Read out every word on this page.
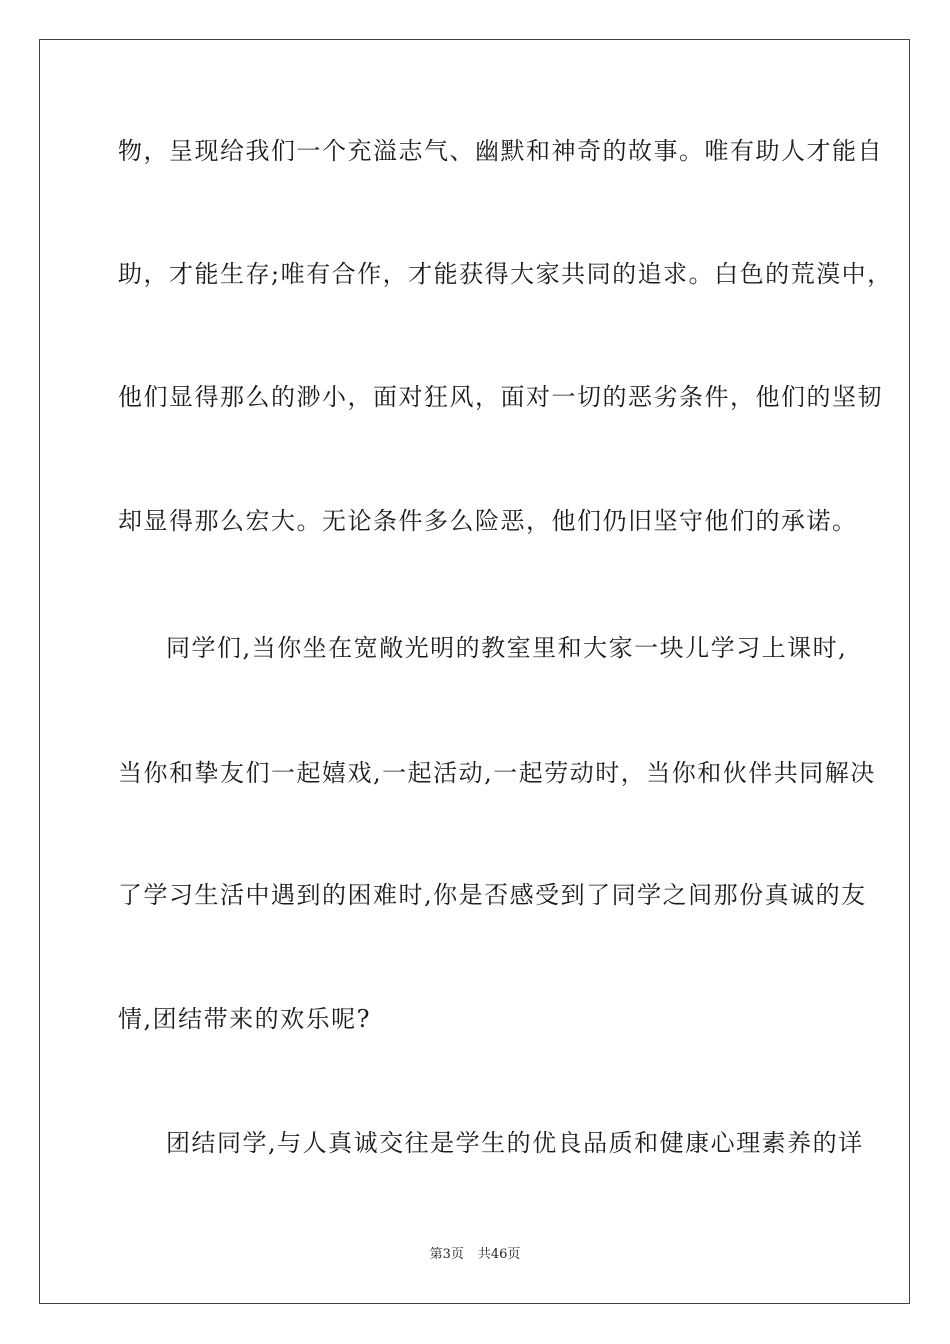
物，呈现给我们一个充溢志气、幽默和神奇的故事。唯有助人才能自
助，才能生存;唯有合作，才能获得大家共同的追求。白色的荒漠中，
他们显得那么的渺小，面对狂风，面对一切的恶劣条件，他们的坚韧
却显得那么宏大。无论条件多么险恶，他们仍旧坚守他们的承诺。
同学们,当你坐在宽敞光明的教室里和大家一块儿学习上课时,
当你和挚友们一起嬉戏,一起活动,一起劳动时，当你和伙伴共同解决
了学习生活中遇到的困难时,你是否感受到了同学之间那份真诚的友
情,团结带来的欢乐呢?
团结同学,与人真诚交往是学生的优良品质和健康心理素养的详
第3页 共46页
